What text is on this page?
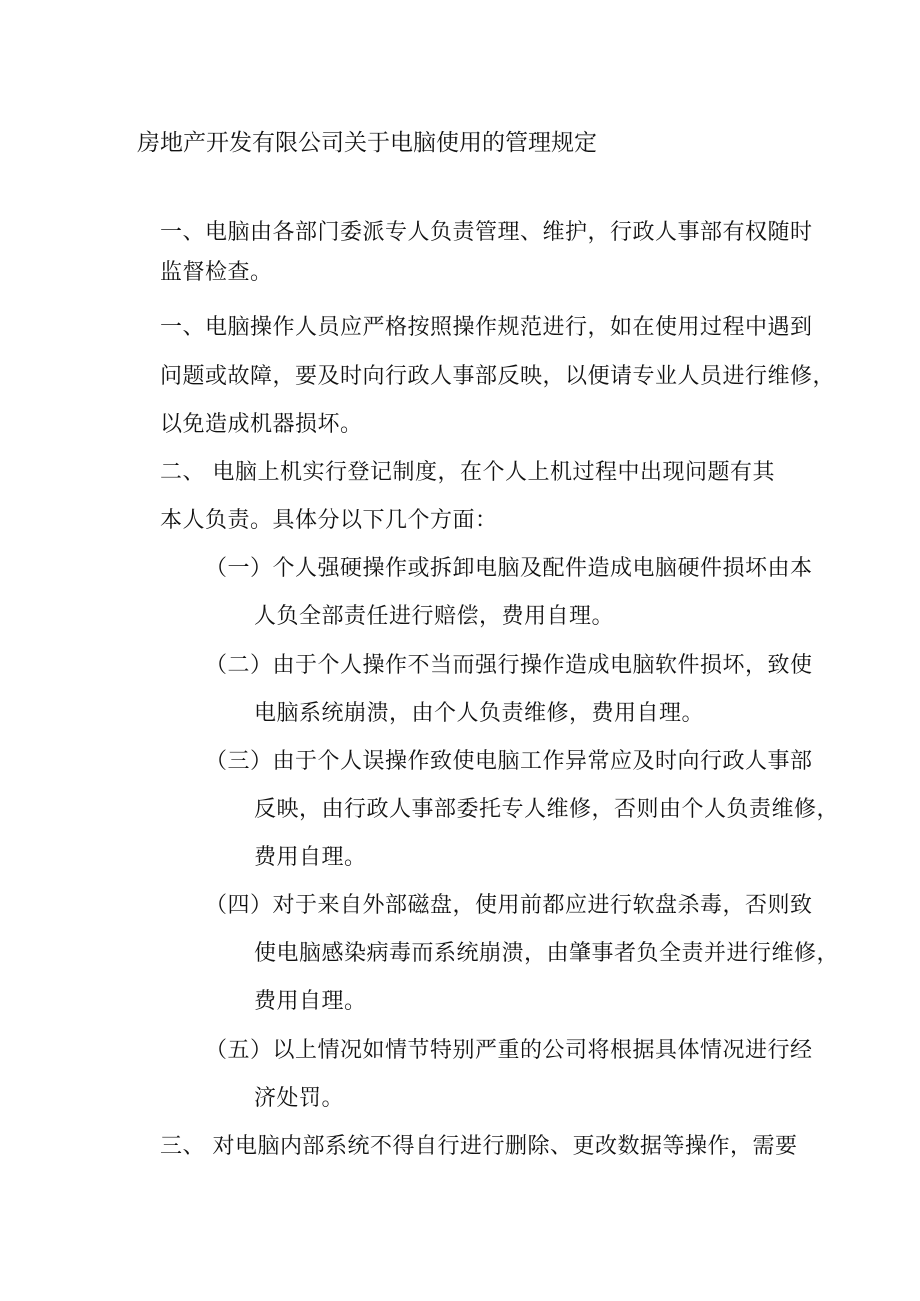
房地产开发有限公司关于电脑使用的管理规定
一、电脑由各部门委派专人负责管理、维护，行政人事部有权随时
监督检查。
一、电脑操作人员应严格按照操作规范进行，如在使用过程中遇到
问题或故障，要及时向行政人事部反映，以便请专业人员进行维修，
以免造成机器损坏。
二、 电脑上机实行登记制度，在个人上机过程中出现问题有其
本人负责。具体分以下几个方面：
（一）个人强硬操作或拆卸电脑及配件造成电脑硬件损坏由本
人负全部责任进行赔偿，费用自理。
（二）由于个人操作不当而强行操作造成电脑软件损坏，致使
电脑系统崩溃，由个人负责维修，费用自理。
（三）由于个人误操作致使电脑工作异常应及时向行政人事部
反映，由行政人事部委托专人维修，否则由个人负责维修，
费用自理。
（四）对于来自外部磁盘，使用前都应进行软盘杀毒，否则致
使电脑感染病毒而系统崩溃，由肇事者负全责并进行维修，
费用自理。
（五）以上情况如情节特别严重的公司将根据具体情况进行经
济处罚。
三、 对电脑内部系统不得自行进行删除、更改数据等操作，需要
